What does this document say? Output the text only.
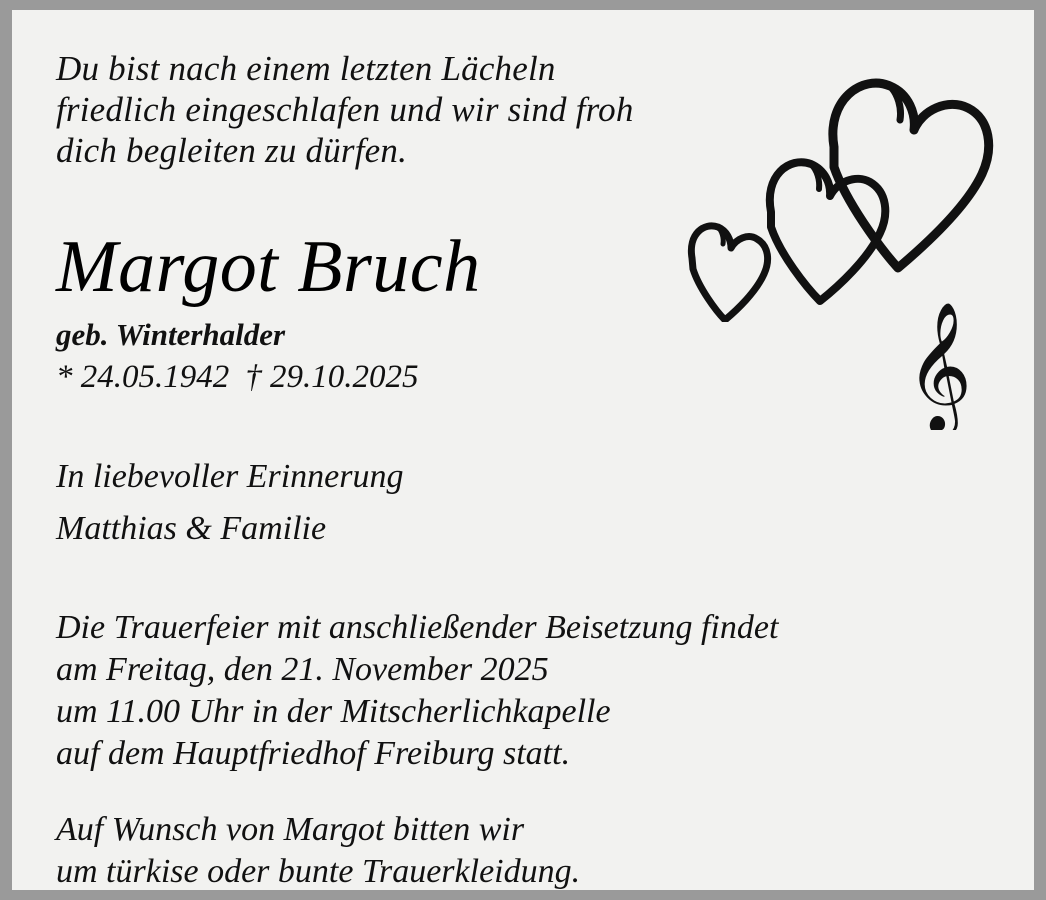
Du bist nach einem letzten Lächeln
friedlich eingeschlafen und wir sind froh
dich begleiten zu dürfen.
Margot Bruch
geb. Winterhalder
* 24.05.1942 † 29.10.2025
In liebevoller Erinnerung
Matthias & Familie
Die Trauerfeier mit anschließender Beisetzung findet
am Freitag, den 21. November 2025
um 11.00 Uhr in der Mitscherlichkapelle
auf dem Hauptfriedhof Freiburg statt.
Auf Wunsch von Margot bitten wir
um türkise oder bunte Trauerkleidung.
𝄞
